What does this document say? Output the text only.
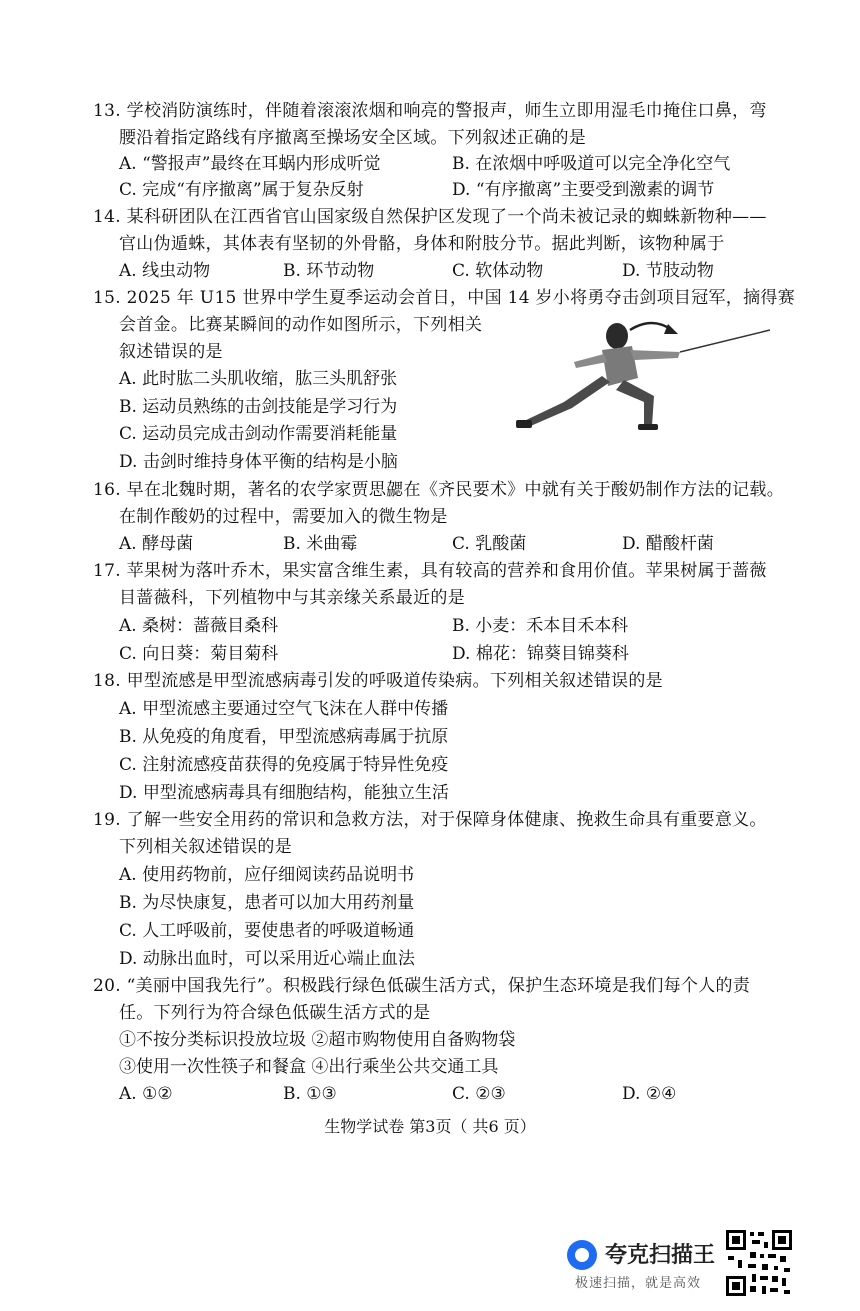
13. 学校消防演练时，伴随着滚滚浓烟和响亮的警报声，师生立即用湿毛巾掩住口鼻，弯
腰沿着指定路线有序撤离至操场安全区域。下列叙述正确的是
A. “警报声”最终在耳蜗内形成听觉	B. 在浓烟中呼吸道可以完全净化空气
C. 完成“有序撤离”属于复杂反射	D. “有序撤离”主要受到激素的调节
14. 某科研团队在江西省官山国家级自然保护区发现了一个尚未被记录的蜘蛛新物种——
官山伪遁蛛，其体表有坚韧的外骨骼，身体和附肢分节。据此判断，该物种属于
A. 线虫动物	B. 环节动物	C. 软体动物	D. 节肢动物
15. 2025 年 U15 世界中学生夏季运动会首日，中国 14 岁小将勇夺击剑项目冠军，摘得赛
会首金。比赛某瞬间的动作如图所示，下列相关
叙述错误的是
A. 此时肱二头肌收缩，肱三头肌舒张
B. 运动员熟练的击剑技能是学习行为
C. 运动员完成击剑动作需要消耗能量
D. 击剑时维持身体平衡的结构是小脑
16. 早在北魏时期，著名的农学家贾思勰在《齐民要术》中就有关于酸奶制作方法的记载。
在制作酸奶的过程中，需要加入的微生物是
A. 酵母菌	B. 米曲霉	C. 乳酸菌	D. 醋酸杆菌
17. 苹果树为落叶乔木，果实富含维生素，具有较高的营养和食用价值。苹果树属于蔷薇
目蔷薇科，下列植物中与其亲缘关系最近的是
A. 桑树：蔷薇目桑科	B. 小麦：禾本目禾本科
C. 向日葵：菊目菊科	D. 棉花：锦葵目锦葵科
18. 甲型流感是甲型流感病毒引发的呼吸道传染病。下列相关叙述错误的是
A. 甲型流感主要通过空气飞沫在人群中传播
B. 从免疫的角度看，甲型流感病毒属于抗原
C. 注射流感疫苗获得的免疫属于特异性免疫
D. 甲型流感病毒具有细胞结构，能独立生活
19. 了解一些安全用药的常识和急救方法，对于保障身体健康、挽救生命具有重要意义。
下列相关叙述错误的是
A. 使用药物前，应仔细阅读药品说明书
B. 为尽快康复，患者可以加大用药剂量
C. 人工呼吸前，要使患者的呼吸道畅通
D. 动脉出血时，可以采用近心端止血法
20. “美丽中国我先行”。积极践行绿色低碳生活方式，保护生态环境是我们每个人的责
任。下列行为符合绿色低碳生活方式的是
①不按分类标识投放垃圾 ②超市购物使用自备购物袋
③使用一次性筷子和餐盒 ④出行乘坐公共交通工具
A. ①②	B. ①③	C. ②③	D. ②④
生物学试卷 第3页（ 共6 页）
夸克扫描王
极速扫描，就是高效
